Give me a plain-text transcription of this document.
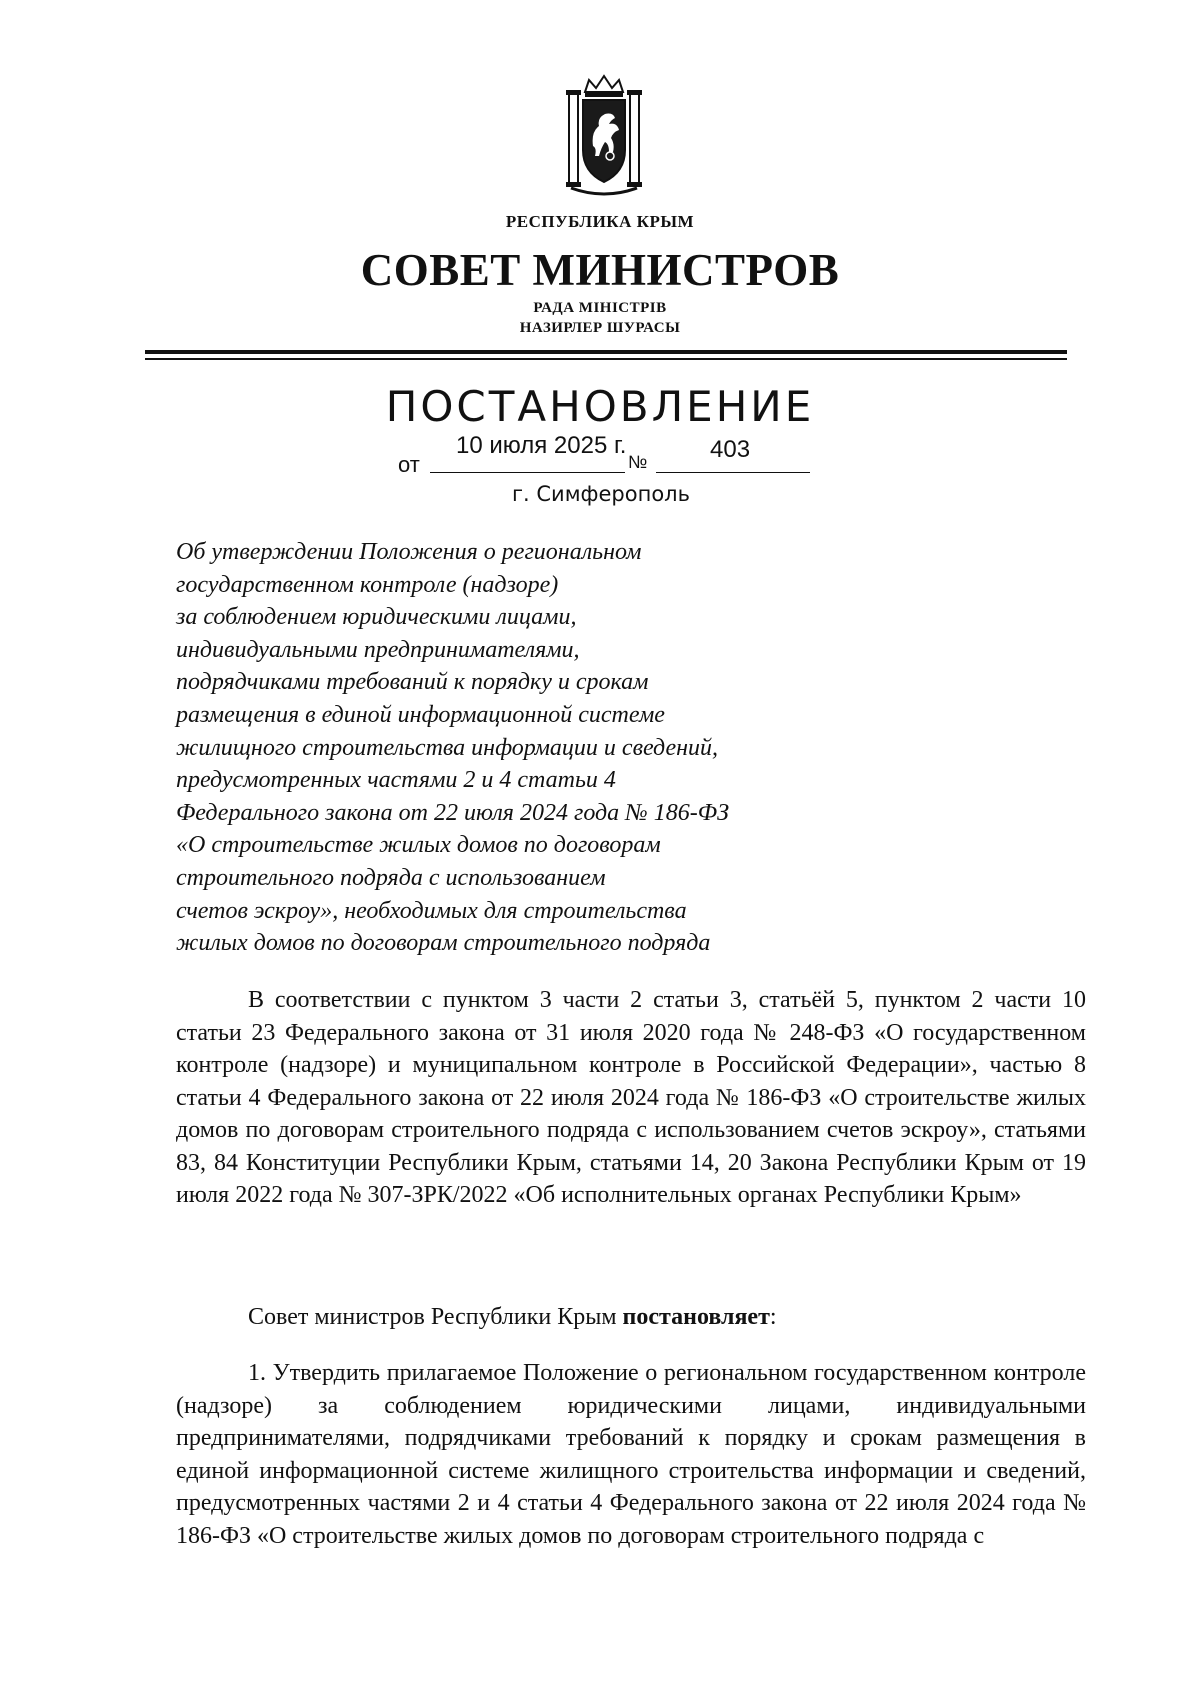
РЕСПУБЛИКА КРЫМ
СОВЕТ МИНИСТРОВ
РАДА МІНІСТРІВ
НАЗИРЛЕР ШУРАСЫ
ПОСТАНОВЛЕНИЕ
от
10 июля 2025 г.
№	403
г. Симферополь
Об утверждении Положения о региональном
государственном контроле (надзоре)
за соблюдением юридическими лицами,
индивидуальными предпринимателями,
подрядчиками требований к порядку и срокам
размещения в единой информационной системе
жилищного строительства информации и сведений,
предусмотренных частями 2 и 4 статьи 4
Федерального закона от 22 июля 2024 года № 186-ФЗ
«О строительстве жилых домов по договорам
строительного подряда с использованием
счетов эскроу», необходимых для строительства
жилых домов по договорам строительного подряда
В соответствии с пунктом 3 части 2 статьи 3, статьёй 5, пунктом 2 части 10 статьи 23 Федерального закона от 31 июля 2020 года № 248-ФЗ «О государственном контроле (надзоре) и муниципальном контроле в Российской Федерации», частью 8 статьи 4 Федерального закона от 22 июля 2024 года № 186-ФЗ «О строительстве жилых домов по договорам строительного подряда с использованием счетов эскроу», статьями 83, 84 Конституции Республики Крым, статьями 14, 20 Закона Республики Крым от 19 июля 2022 года № 307-ЗРК/2022 «Об исполнительных органах Республики Крым»
Совет министров Республики Крым постановляет:
1. Утвердить прилагаемое Положение о региональном государственном контроле (надзоре) за соблюдением юридическими лицами, индивидуальными предпринимателями, подрядчиками требований к порядку и срокам размещения в единой информационной системе жилищного строительства информации и сведений, предусмотренных частями 2 и 4 статьи 4 Федерального закона от 22 июля 2024 года № 186-ФЗ «О строительстве жилых домов по договорам строительного подряда с
